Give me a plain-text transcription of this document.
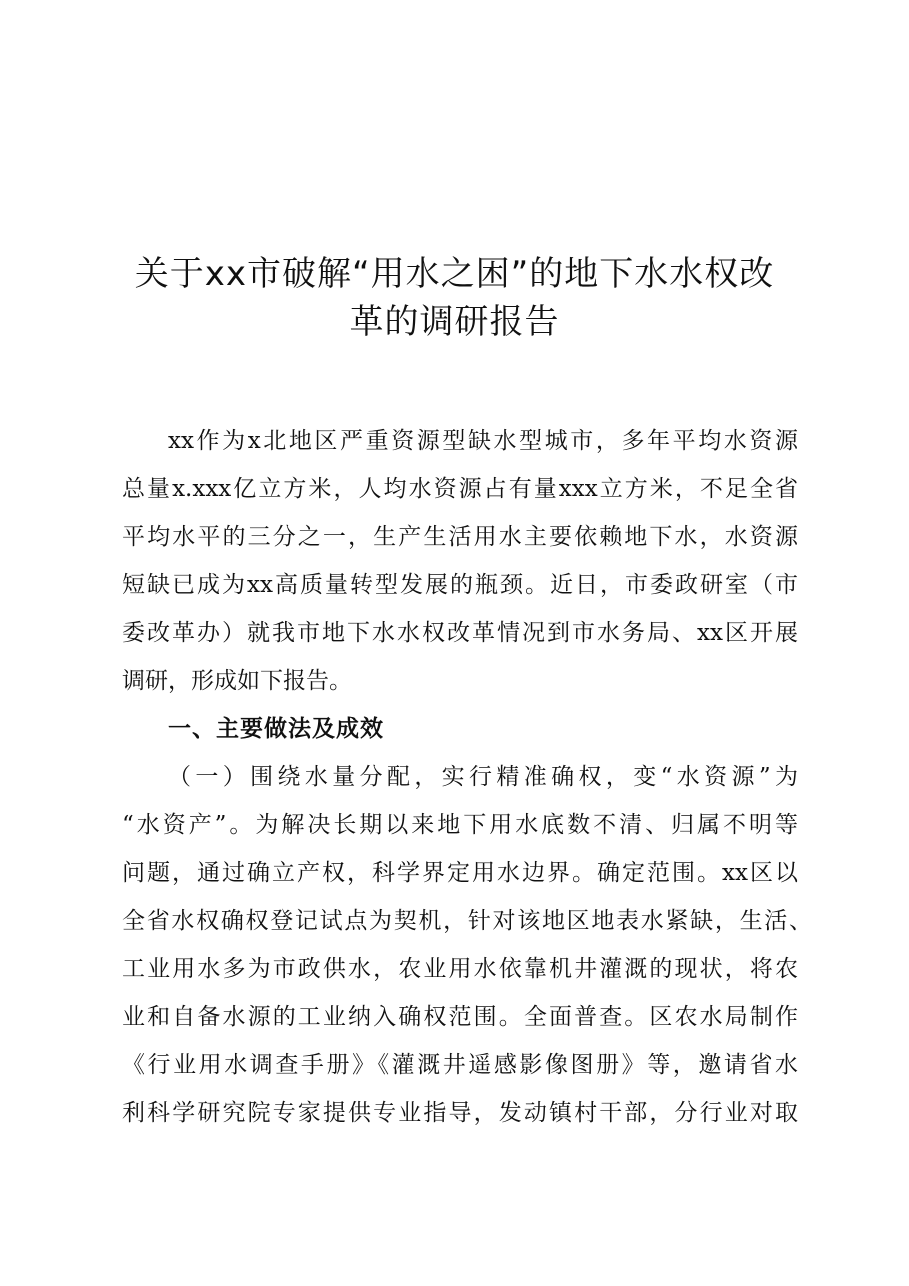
关于xx市破解“用水之困”的地下水水权改
革的调研报告

xx作为x北地区严重资源型缺水型城市，多年平均水资源

总量x.xxx亿立方米，人均水资源占有量xxx立方米，不足全省

平均水平的三分之一，生产生活用水主要依赖地下水，水资源

短缺已成为xx高质量转型发展的瓶颈。近日，市委政研室（市

委改革办）就我市地下水水权改革情况到市水务局、xx区开展

调研，形成如下报告。

一、主要做法及成效

（一）围绕水量分配，实行精准确权，变“水资源”为

“水资产”。为解决长期以来地下用水底数不清、归属不明等

问题，通过确立产权，科学界定用水边界。确定范围。xx区以

全省水权确权登记试点为契机，针对该地区地表水紧缺，生活、

工业用水多为市政供水，农业用水依靠机井灌溉的现状，将农

业和自备水源的工业纳入确权范围。全面普查。区农水局制作

《行业用水调查手册》《灌溉井遥感影像图册》等，邀请省水

利科学研究院专家提供专业指导，发动镇村干部，分行业对取
